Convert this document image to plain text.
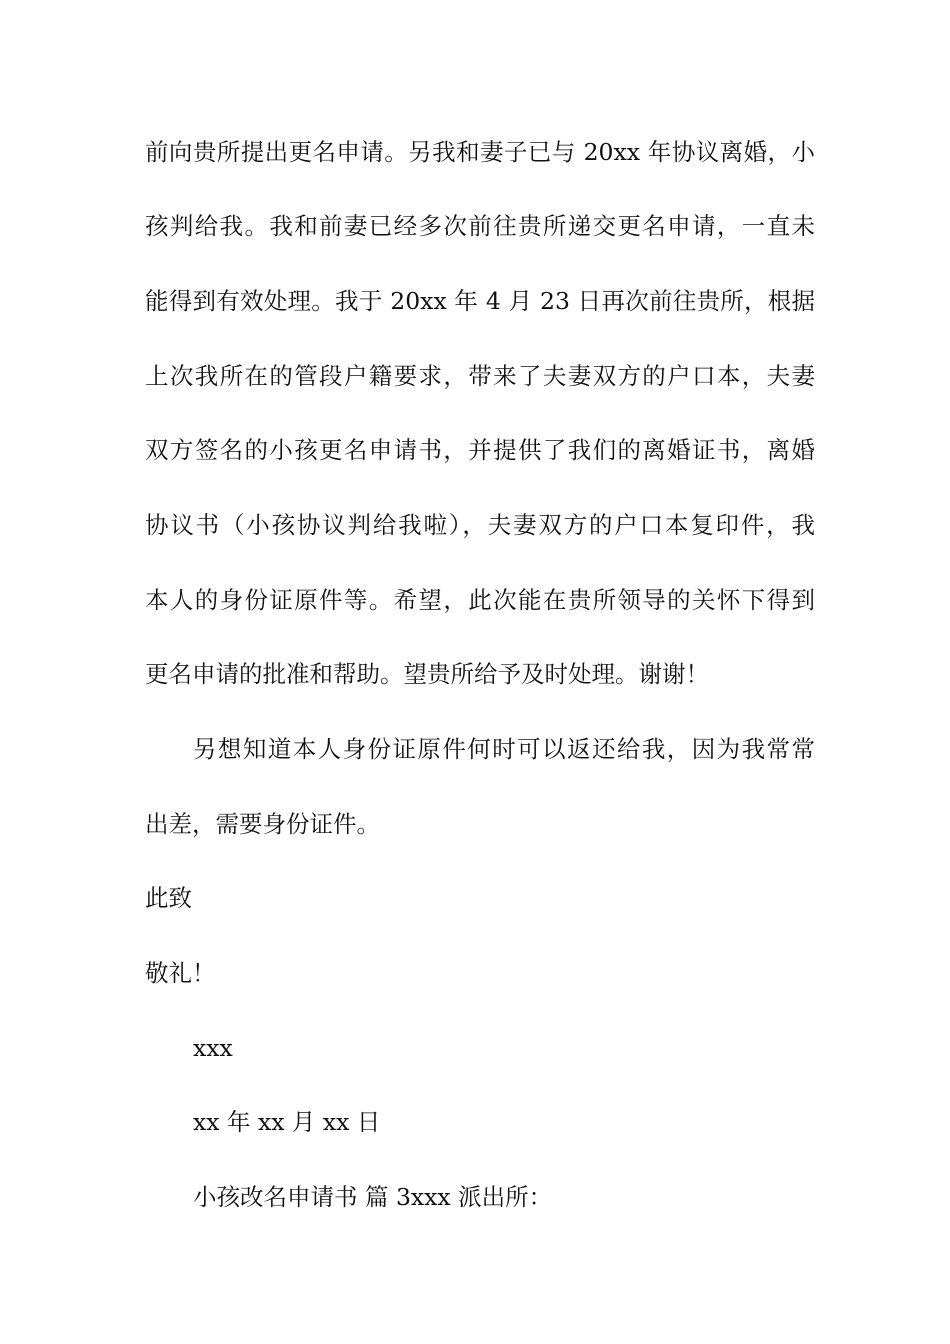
前向贵所提出更名申请。另我和妻子已与 20xx 年协议离婚，小
孩判给我。我和前妻已经多次前往贵所递交更名申请，一直未
能得到有效处理。我于 20xx 年 4 月 23 日再次前往贵所，根据
上次我所在的管段户籍要求，带来了夫妻双方的户口本，夫妻
双方签名的小孩更名申请书，并提供了我们的离婚证书，离婚
协议书（小孩协议判给我啦），夫妻双方的户口本复印件，我
本人的身份证原件等。希望，此次能在贵所领导的关怀下得到
更名申请的批准和帮助。望贵所给予及时处理。谢谢！
另想知道本人身份证原件何时可以返还给我，因为我常常
出差，需要身份证件。
此致
敬礼！
xxx
xx 年 xx 月 xx 日
小孩改名申请书 篇 3xxx 派出所：
